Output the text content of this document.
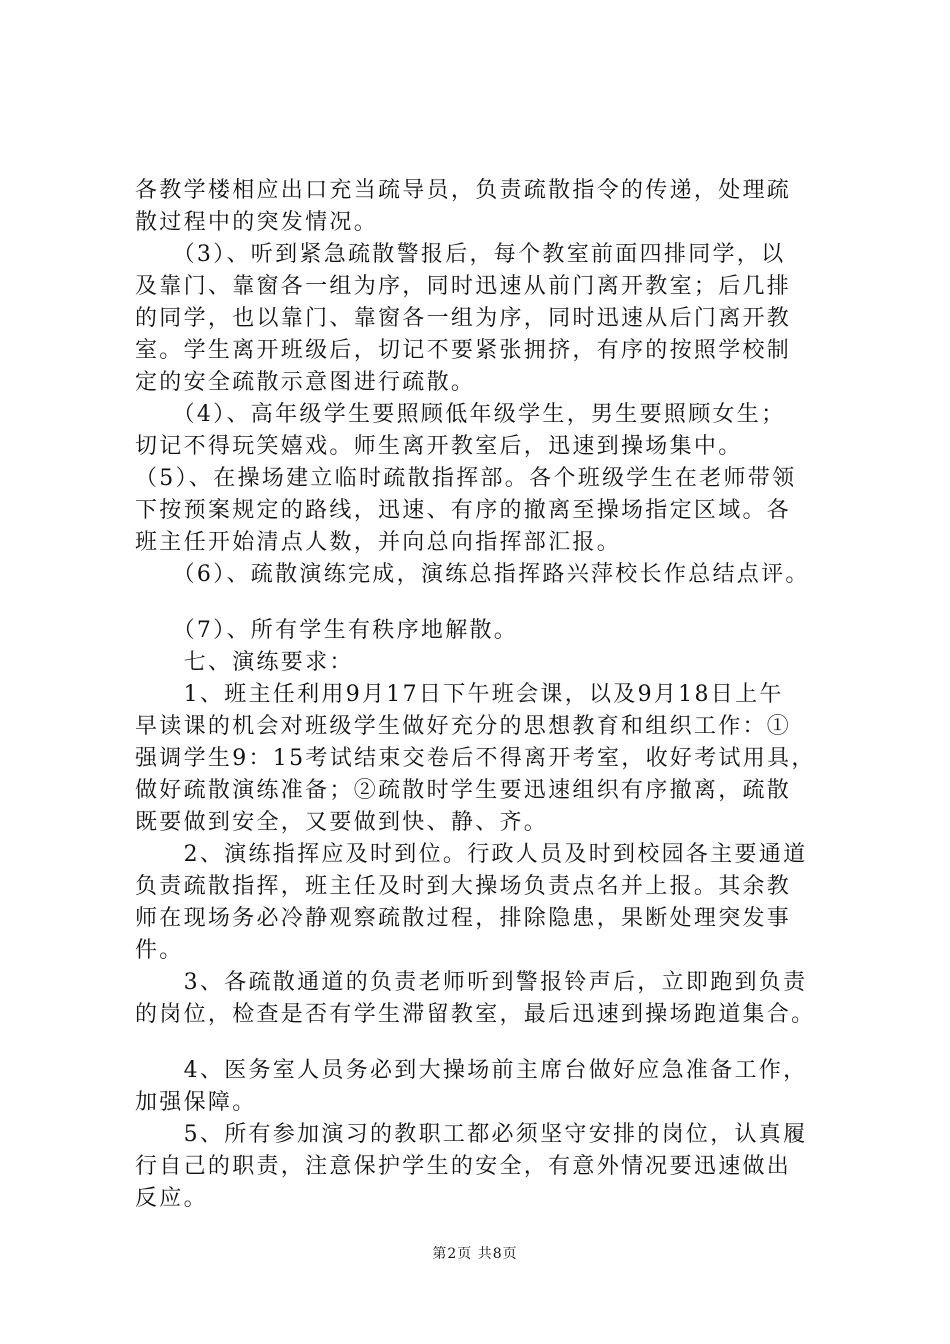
各教学楼相应出口充当疏导员，负责疏散指令的传递，处理疏
散过程中的突发情况。
　　（3）、听到紧急疏散警报后，每个教室前面四排同学，以
及靠门、靠窗各一组为序，同时迅速从前门离开教室；后几排
的同学，也以靠门、靠窗各一组为序，同时迅速从后门离开教
室。学生离开班级后，切记不要紧张拥挤，有序的按照学校制
定的安全疏散示意图进行疏散。
　　（4）、高年级学生要照顾低年级学生，男生要照顾女生；
切记不得玩笑嬉戏。师生离开教室后，迅速到操场集中。
（5）、在操场建立临时疏散指挥部。各个班级学生在老师带领
下按预案规定的路线，迅速、有序的撤离至操场指定区域。各
班主任开始清点人数，并向总向指挥部汇报。
　　（6）、疏散演练完成，演练总指挥路兴萍校长作总结点评。
　　（7）、所有学生有秩序地解散。
　　七、演练要求：
　　1、班主任利用9月17日下午班会课，以及9月18日上午
早读课的机会对班级学生做好充分的思想教育和组织工作：①
强调学生9：15考试结束交卷后不得离开考室，收好考试用具，
做好疏散演练准备；②疏散时学生要迅速组织有序撤离，疏散
既要做到安全，又要做到快、静、齐。
　　2、演练指挥应及时到位。行政人员及时到校园各主要通道
负责疏散指挥，班主任及时到大操场负责点名并上报。其余教
师在现场务必冷静观察疏散过程，排除隐患，果断处理突发事
件。
　　3、各疏散通道的负责老师听到警报铃声后，立即跑到负责
的岗位，检查是否有学生滞留教室，最后迅速到操场跑道集合。
　　4、医务室人员务必到大操场前主席台做好应急准备工作，
加强保障。
　　5、所有参加演习的教职工都必须坚守安排的岗位，认真履
行自己的职责，注意保护学生的安全，有意外情况要迅速做出
反应。
第2页 共8页
